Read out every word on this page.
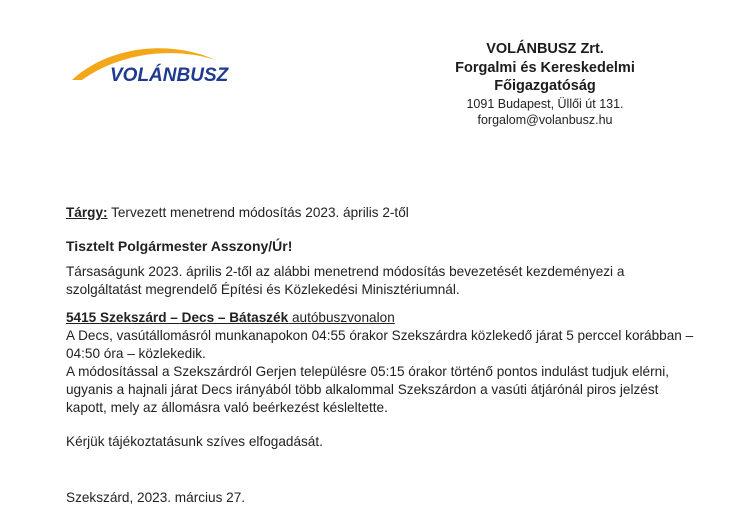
VOLÁNBUSZ
VOLÁNBUSZ Zrt.
Forgalmi és Kereskedelmi
Főigazgatóság
1091 Budapest, Üllői út 131.
forgalom@volanbusz.hu
Tárgy: Tervezett menetrend módosítás 2023. április 2-től
Tisztelt Polgármester Asszony/Úr!
Társaságunk 2023. április 2-től az alábbi menetrend módosítás bevezetését kezdeményezi a szolgáltatást megrendelő Építési és Közlekedési Minisztériumnál.
5415 Szekszárd – Decs – Bátaszék autóbuszvonalon

A Decs, vasútállomásról munkanapokon 04:55 órakor Szekszárdra közlekedő járat 5 perccel korábban – 04:50 óra – közlekedik.

A módosítással a Szekszárdról Gerjen településre 05:15 órakor történő pontos indulást tudjuk elérni, ugyanis a hajnali járat Decs irányából több alkalommal Szekszárdon a vasúti átjárónál piros jelzést kapott, mely az állomásra való beérkezést késleltette.

Kérjük tájékoztatásunk szíves elfogadását.
Szekszárd, 2023. március 27.
